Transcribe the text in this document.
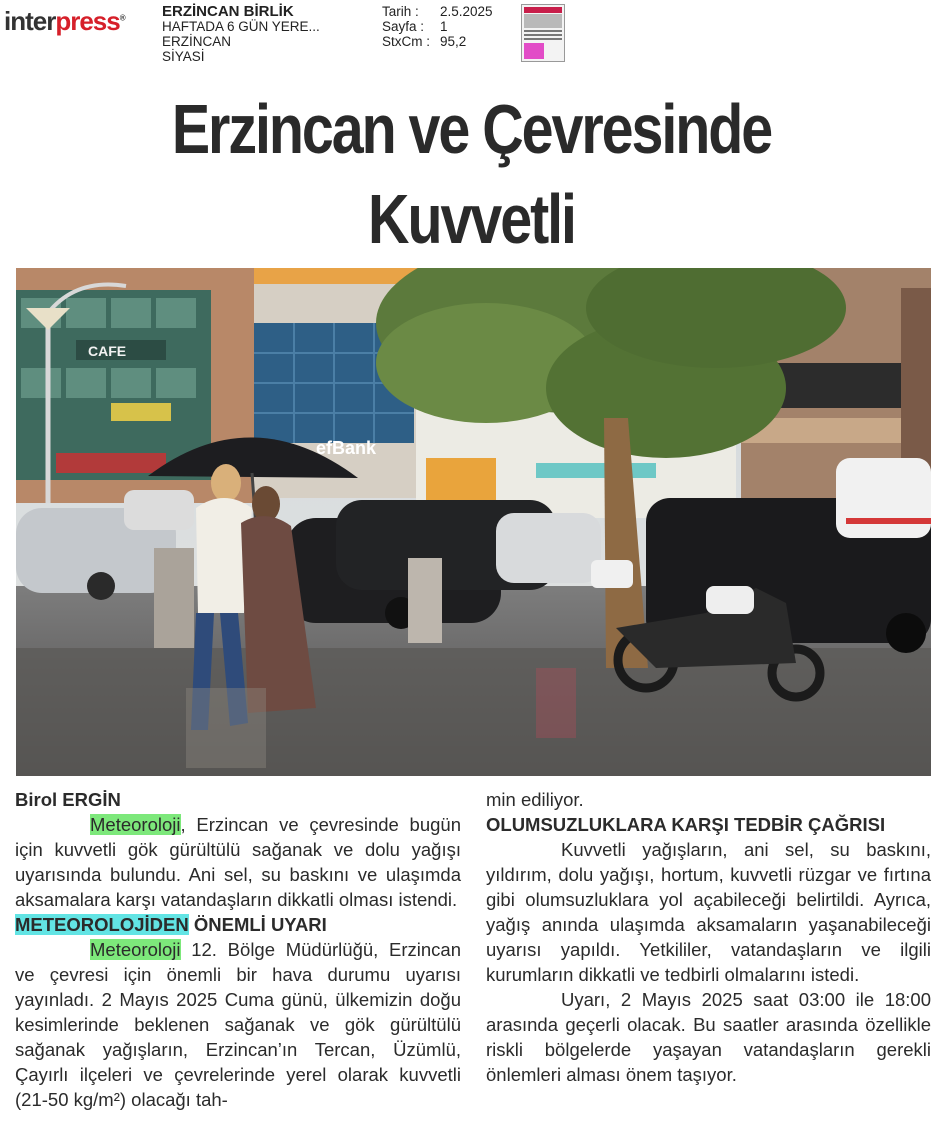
interpress® ERZİNCAN BİRLİK
HAFTADA 6 GÜN YERE...
ERZİNCAN
SİYASİ
Tarih :	2.5.2025
Sayfa :	1
StxCm : 95,2
Erzincan ve Çevresinde Kuvvetli
CAFE
efBank

Birol ERGİN

Meteoroloji, Erzincan ve çevresinde bugün için kuvvetli gök gürültülü sağanak ve dolu yağışı uyarısında bulundu. Ani sel, su baskını ve ulaşımda aksamalara karşı vatandaşların dikkatli olması istendi.

METEOROLOJİDEN ÖNEMLİ UYARI

Meteoroloji 12. Bölge Müdürlüğü, Erzincan ve çevresi için önemli bir hava durumu uyarısı yayınladı. 2 Mayıs 2025 Cuma günü, ülkemizin doğu kesimlerinde beklenen sağanak ve gök gürültülü sağanak yağışların, Erzincan’ın Tercan, Üzümlü, Çayırlı ilçeleri ve çevrelerinde yerel olarak kuvvetli (21-50 kg/m²) olacağı tah-

min ediliyor.

OLUMSUZLUKLARA KARŞI TEDBİR ÇAĞRISI

Kuvvetli yağışların, ani sel, su baskını, yıldırım, dolu yağışı, hortum, kuvvetli rüzgar ve fırtına gibi olumsuzluklara yol açabileceği belirtildi. Ayrıca, yağış anında ulaşımda aksamaların yaşanabileceği uyarısı yapıldı. Yetkililer, vatandaşların ve ilgili kurumların dikkatli ve tedbirli olmalarını istedi.

Uyarı, 2 Mayıs 2025 saat 03:00 ile 18:00 arasında geçerli olacak. Bu saatler arasında özellikle riskli bölgelerde yaşayan vatandaşların gerekli önlemleri alması önem taşıyor.
